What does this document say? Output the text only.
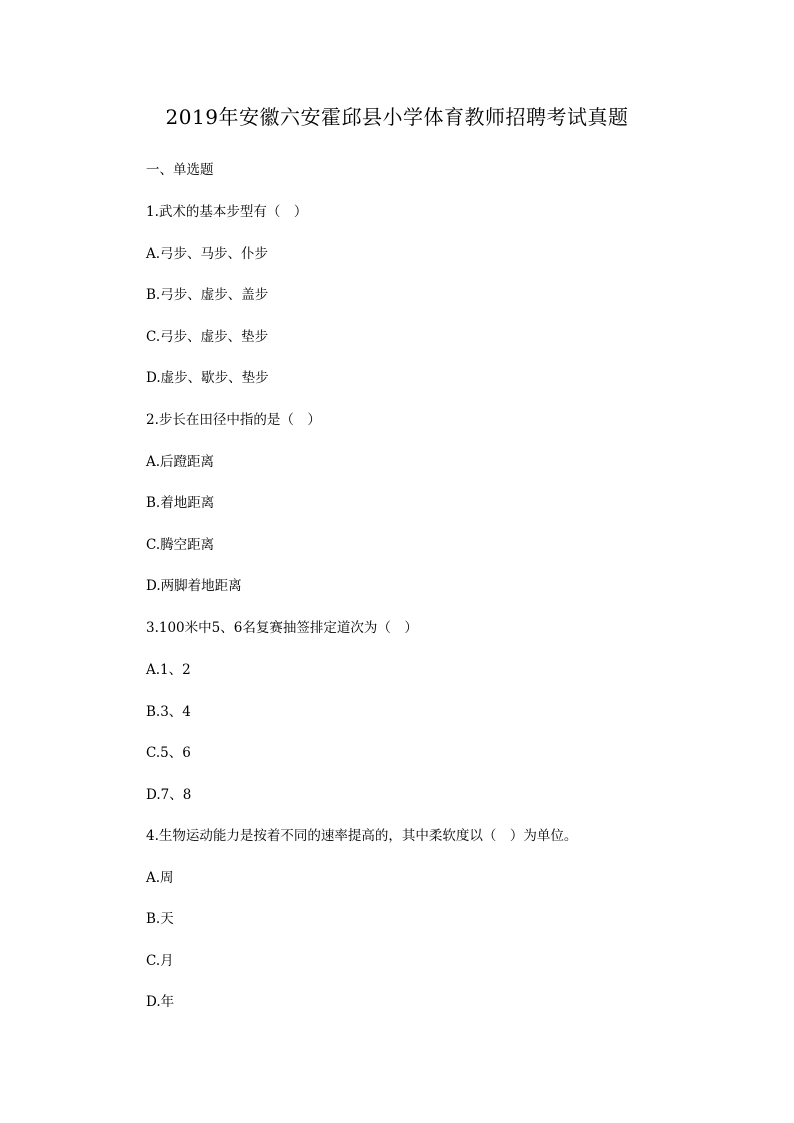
2019年安徽六安霍邱县小学体育教师招聘考试真题
一、单选题
1.武术的基本步型有（　）
A.弓步、马步、仆步
B.弓步、虚步、盖步
C.弓步、虚步、垫步
D.虚步、歇步、垫步
2.步长在田径中指的是（　）
A.后蹬距离
B.着地距离
C.腾空距离
D.两脚着地距离
3.100米中5、6名复赛抽签排定道次为（　）
A.1、2
B.3、4
C.5、6
D.7、8
4.生物运动能力是按着不同的速率提高的，其中柔软度以（　）为单位。
A.周
B.天
C.月
D.年
